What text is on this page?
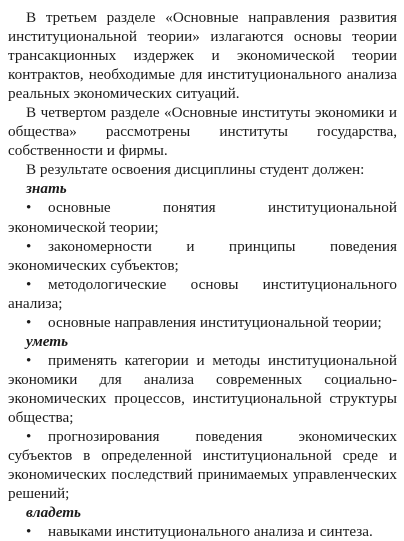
В третьем разделе «Основные направления развития институциональной теории» излагаются основы теории трансакционных издержек и экономической теории контрактов, необходимые для институционального анализа реальных экономических ситуаций.

В четвертом разделе «Основные институты экономики и общества» рассмотрены институты государства, собственности и фирмы.

В результате освоения дисциплины студент должен:

знать

• основные понятия институциональной экономической теории;

• закономерности и принципы поведения экономических субъектов;

• методологические основы институционального анализа;

• основные направления институциональной теории;

уметь

• применять категории и методы институциональной экономики для анализа современных социально-экономических процессов, институциональной структуры общества;

• прогнозирования поведения экономических субъектов в определенной институциональной среде и экономических последствий принимаемых управленческих решений;

владеть

• навыками институционального анализа и синтеза.
